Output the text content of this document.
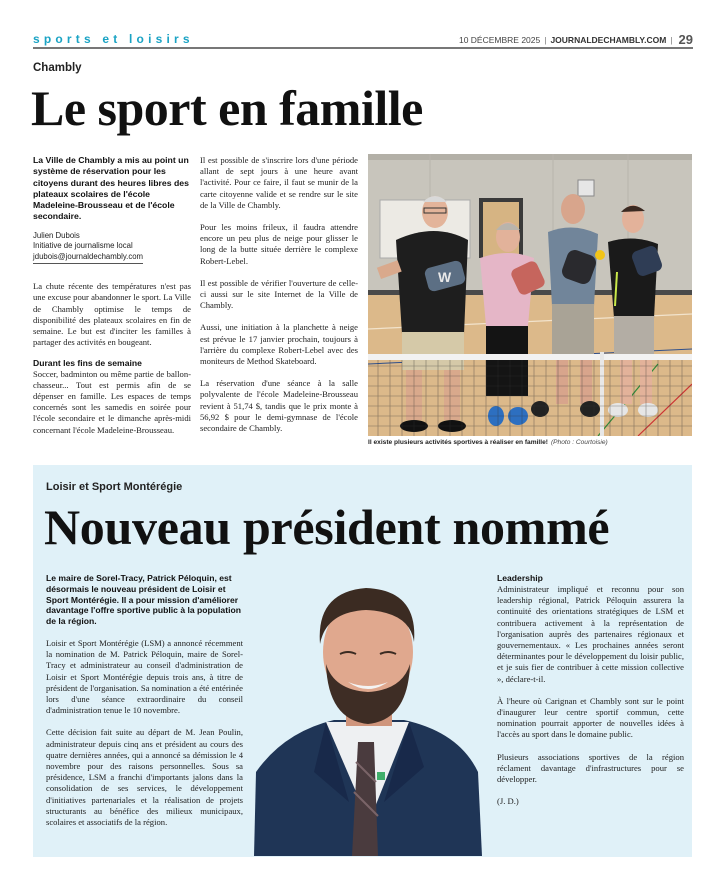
sports et loisirs	10 DÉCEMBRE 2025 | JOURNALDECHAMBLY.COM | 29
Chambly
Le sport en famille
La Ville de Chambly a mis au point un système de réservation pour les citoyens durant des heures libres des plateaux scolaires de l'école Madeleine-Brousseau et de l'école secondaire.
Julien Dubois
Initiative de journalisme local
jdubois@journaldechambly.com

La chute récente des températures n'est pas une excuse pour abandonner le sport. La Ville de Chambly optimise le temps de disponibilité des plateaux scolaires en fin de semaine. Le but est d'inciter les familles à partager des activités en bougeant.

Durant les fins de semaine

Soccer, badminton ou même partie de ballon-chasseur... Tout est permis afin de se dépenser en famille. Les espaces de temps concernés sont les samedis en soirée pour l'école secondaire et le dimanche après-midi concernant l'école Madeleine-Brousseau.

Il est possible de s'inscrire lors d'une période allant de sept jours à une heure avant l'activité. Pour ce faire, il faut se munir de la carte citoyenne valide et se rendre sur le site de la Ville de Chambly.

Pour les moins frileux, il faudra attendre encore un peu plus de neige pour glisser le long de la butte située derrière le complexe Robert-Lebel.

Il est possible de vérifier l'ouverture de celle-ci aussi sur le site Internet de la Ville de Chambly.

Aussi, une initiation à la planchette à neige est prévue le 17 janvier prochain, toujours à l'arrière du complexe Robert-Lebel avec des moniteurs de Method Skateboard.

La réservation d'une séance à la salle polyvalente de l'école Madeleine-Brousseau revient à 51,74 $, tandis que le prix monte à 56,92 $ pour le demi-gymnase de l'école secondaire de Chambly.

W
Il existe plusieurs activités sportives à réaliser en famille! (Photo : Courtoisie)
Loisir et Sport Montérégie
Nouveau président nommé
Le maire de Sorel-Tracy, Patrick Péloquin, est désormais le nouveau président de Loisir et Sport Montérégie. Il a pour mission d'améliorer davantage l'offre sportive public à la population de la région.

Loisir et Sport Montérégie (LSM) a annoncé récemment la nomination de M. Patrick Péloquin, maire de Sorel-Tracy et administrateur au conseil d'administration de Loisir et Sport Montérégie depuis trois ans, à titre de président de l'organisation. Sa nomination a été entérinée lors d'une séance extraordinaire du conseil d'administration tenue le 10 novembre.

Cette décision fait suite au départ de M. Jean Poulin, administrateur depuis cinq ans et président au cours des quatre dernières années, qui a annoncé sa démission le 4 novembre pour des raisons personnelles. Sous sa présidence, LSM a franchi d'importants jalons dans la consolidation de ses services, le développement d'initiatives partenariales et la réalisation de projets structurants au bénéfice des milieux municipaux, scolaires et associatifs de la région.

Leadership

Administrateur impliqué et reconnu pour son leadership régional, Patrick Péloquin assurera la continuité des orientations stratégiques de LSM et contribuera activement à la représentation de l'organisation auprès des partenaires régionaux et gouvernementaux. « Les prochaines années seront déterminantes pour le développement du loisir public, et je suis fier de contribuer à cette mission collective », déclare-t-il.

À l'heure où Carignan et Chambly sont sur le point d'inaugurer leur centre sportif commun, cette nomination pourrait apporter de nouvelles idées à l'accès au sport dans le domaine public.

Plusieurs associations sportives de la région réclament davantage d'infrastructures pour se développer.

(J. D.)
